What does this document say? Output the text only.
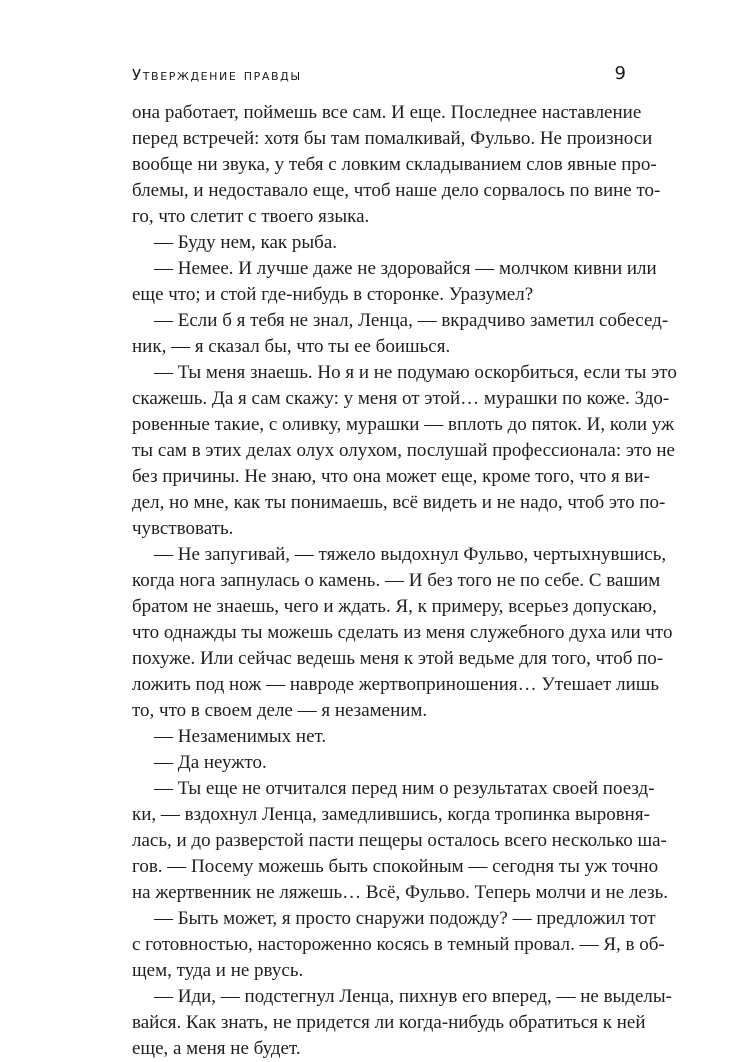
Утверждение правды	9
она работает, поймешь все сам. И еще. Последнее наставление
перед встречей: хотя бы там помалкивай, Фульво. Не произноси
вообще ни звука, у тебя с ловким складыванием слов явные про-
блемы, и недоставало еще, чтоб наше дело сорвалось по вине то-
го, что слетит с твоего языка.
— Буду нем, как рыба.
— Немее. И лучше даже не здоровайся — молчком кивни или
еще что; и стой где-нибудь в сторонке. Уразумел?
— Если б я тебя не знал, Ленца, — вкрадчиво заметил собесед-
ник, — я сказал бы, что ты ее боишься.
— Ты меня знаешь. Но я и не подумаю оскорбиться, если ты это
скажешь. Да я сам скажу: у меня от этой… мурашки по коже. Здо-
ровенные такие, с оливку, мурашки — вплоть до пяток. И, коли уж
ты сам в этих делах олух олухом, послушай профессионала: это не
без причины. Не знаю, что она может еще, кроме того, что я ви-
дел, но мне, как ты понимаешь, всё видеть и не надо, чтоб это по-
чувствовать.
— Не запугивай, — тяжело выдохнул Фульво, чертыхнувшись,
когда нога запнулась о камень. — И без того не по себе. С вашим
братом не знаешь, чего и ждать. Я, к примеру, всерьез допускаю,
что однажды ты можешь сделать из меня служебного духа или что
похуже. Или сейчас ведешь меня к этой ведьме для того, чтоб по-
ложить под нож — навроде жертвоприношения… Утешает лишь
то, что в своем деле — я незаменим.
— Незаменимых нет.
— Да неужто.
— Ты еще не отчитался перед ним о результатах своей поезд-
ки, — вздохнул Ленца, замедлившись, когда тропинка выровня-
лась, и до разверстой пасти пещеры осталось всего несколько ша-
гов. — Посему можешь быть спокойным — сегодня ты уж точно
на жертвенник не ляжешь… Всё, Фульво. Теперь молчи и не лезь.
— Быть может, я просто снаружи подожду? — предложил тот
с готовностью, настороженно косясь в темный провал. — Я, в об-
щем, туда и не рвусь.
— Иди, — подстегнул Ленца, пихнув его вперед, — не выделы-
вайся. Как знать, не придется ли когда-нибудь обратиться к ней
еще, а меня не будет.
